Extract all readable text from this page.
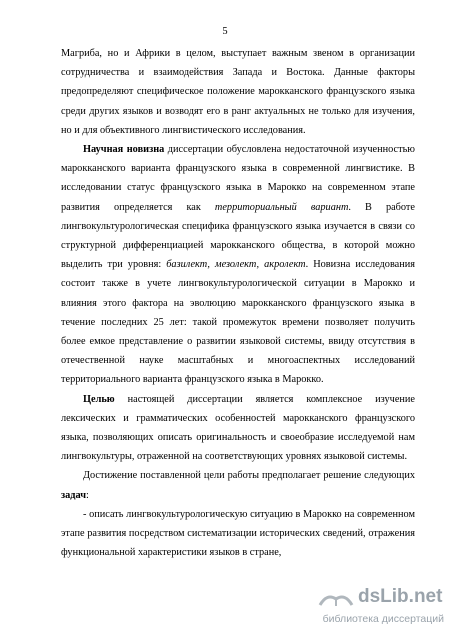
5

Магриба, но и Африки в целом, выступает важным звеном в организации сотрудничества и взаимодействия Запада и Востока. Данные факторы предопределяют специфическое положение марокканского французского языка среди других языков и возводят его в ранг актуальных не только для изучения, но и для объективного лингвистического исследования.

Научная новизна диссертации обусловлена недостаточной изученностью марокканского варианта французского языка в современной лингвистике. В исследовании статус французского языка в Марокко на современном этапе развития определяется как территориальный вариант. В работе лингвокультурологическая специфика французского языка изучается в связи со структурной дифференциацией марокканского общества, в которой можно выделить три уровня: базилект, мезолект, акролект. Новизна исследования состоит также в учете лингвокультурологической ситуации в Марокко и влияния этого фактора на эволюцию марокканского французского языка в течение последних 25 лет: такой промежуток времени позволяет получить более емкое представление о развитии языковой системы, ввиду отсутствия в отечественной науке масштабных и многоаспектных исследований территориального варианта французского языка в Марокко.

Целью настоящей диссертации является комплексное изучение лексических и грамматических особенностей марокканского французского языка, позволяющих описать оригинальность и своеобразие исследуемой нам лингвокультуры, отраженной на соответствующих уровнях языковой системы.

Достижение поставленной цели работы предполагает решение следующих задач:

- описать лингвокультурологическую ситуацию в Марокко на современном этапе развития посредством систематизации исторических сведений, отражения функциональной характеристики языков в стране,

dsLib.net
библиотека диссертаций
